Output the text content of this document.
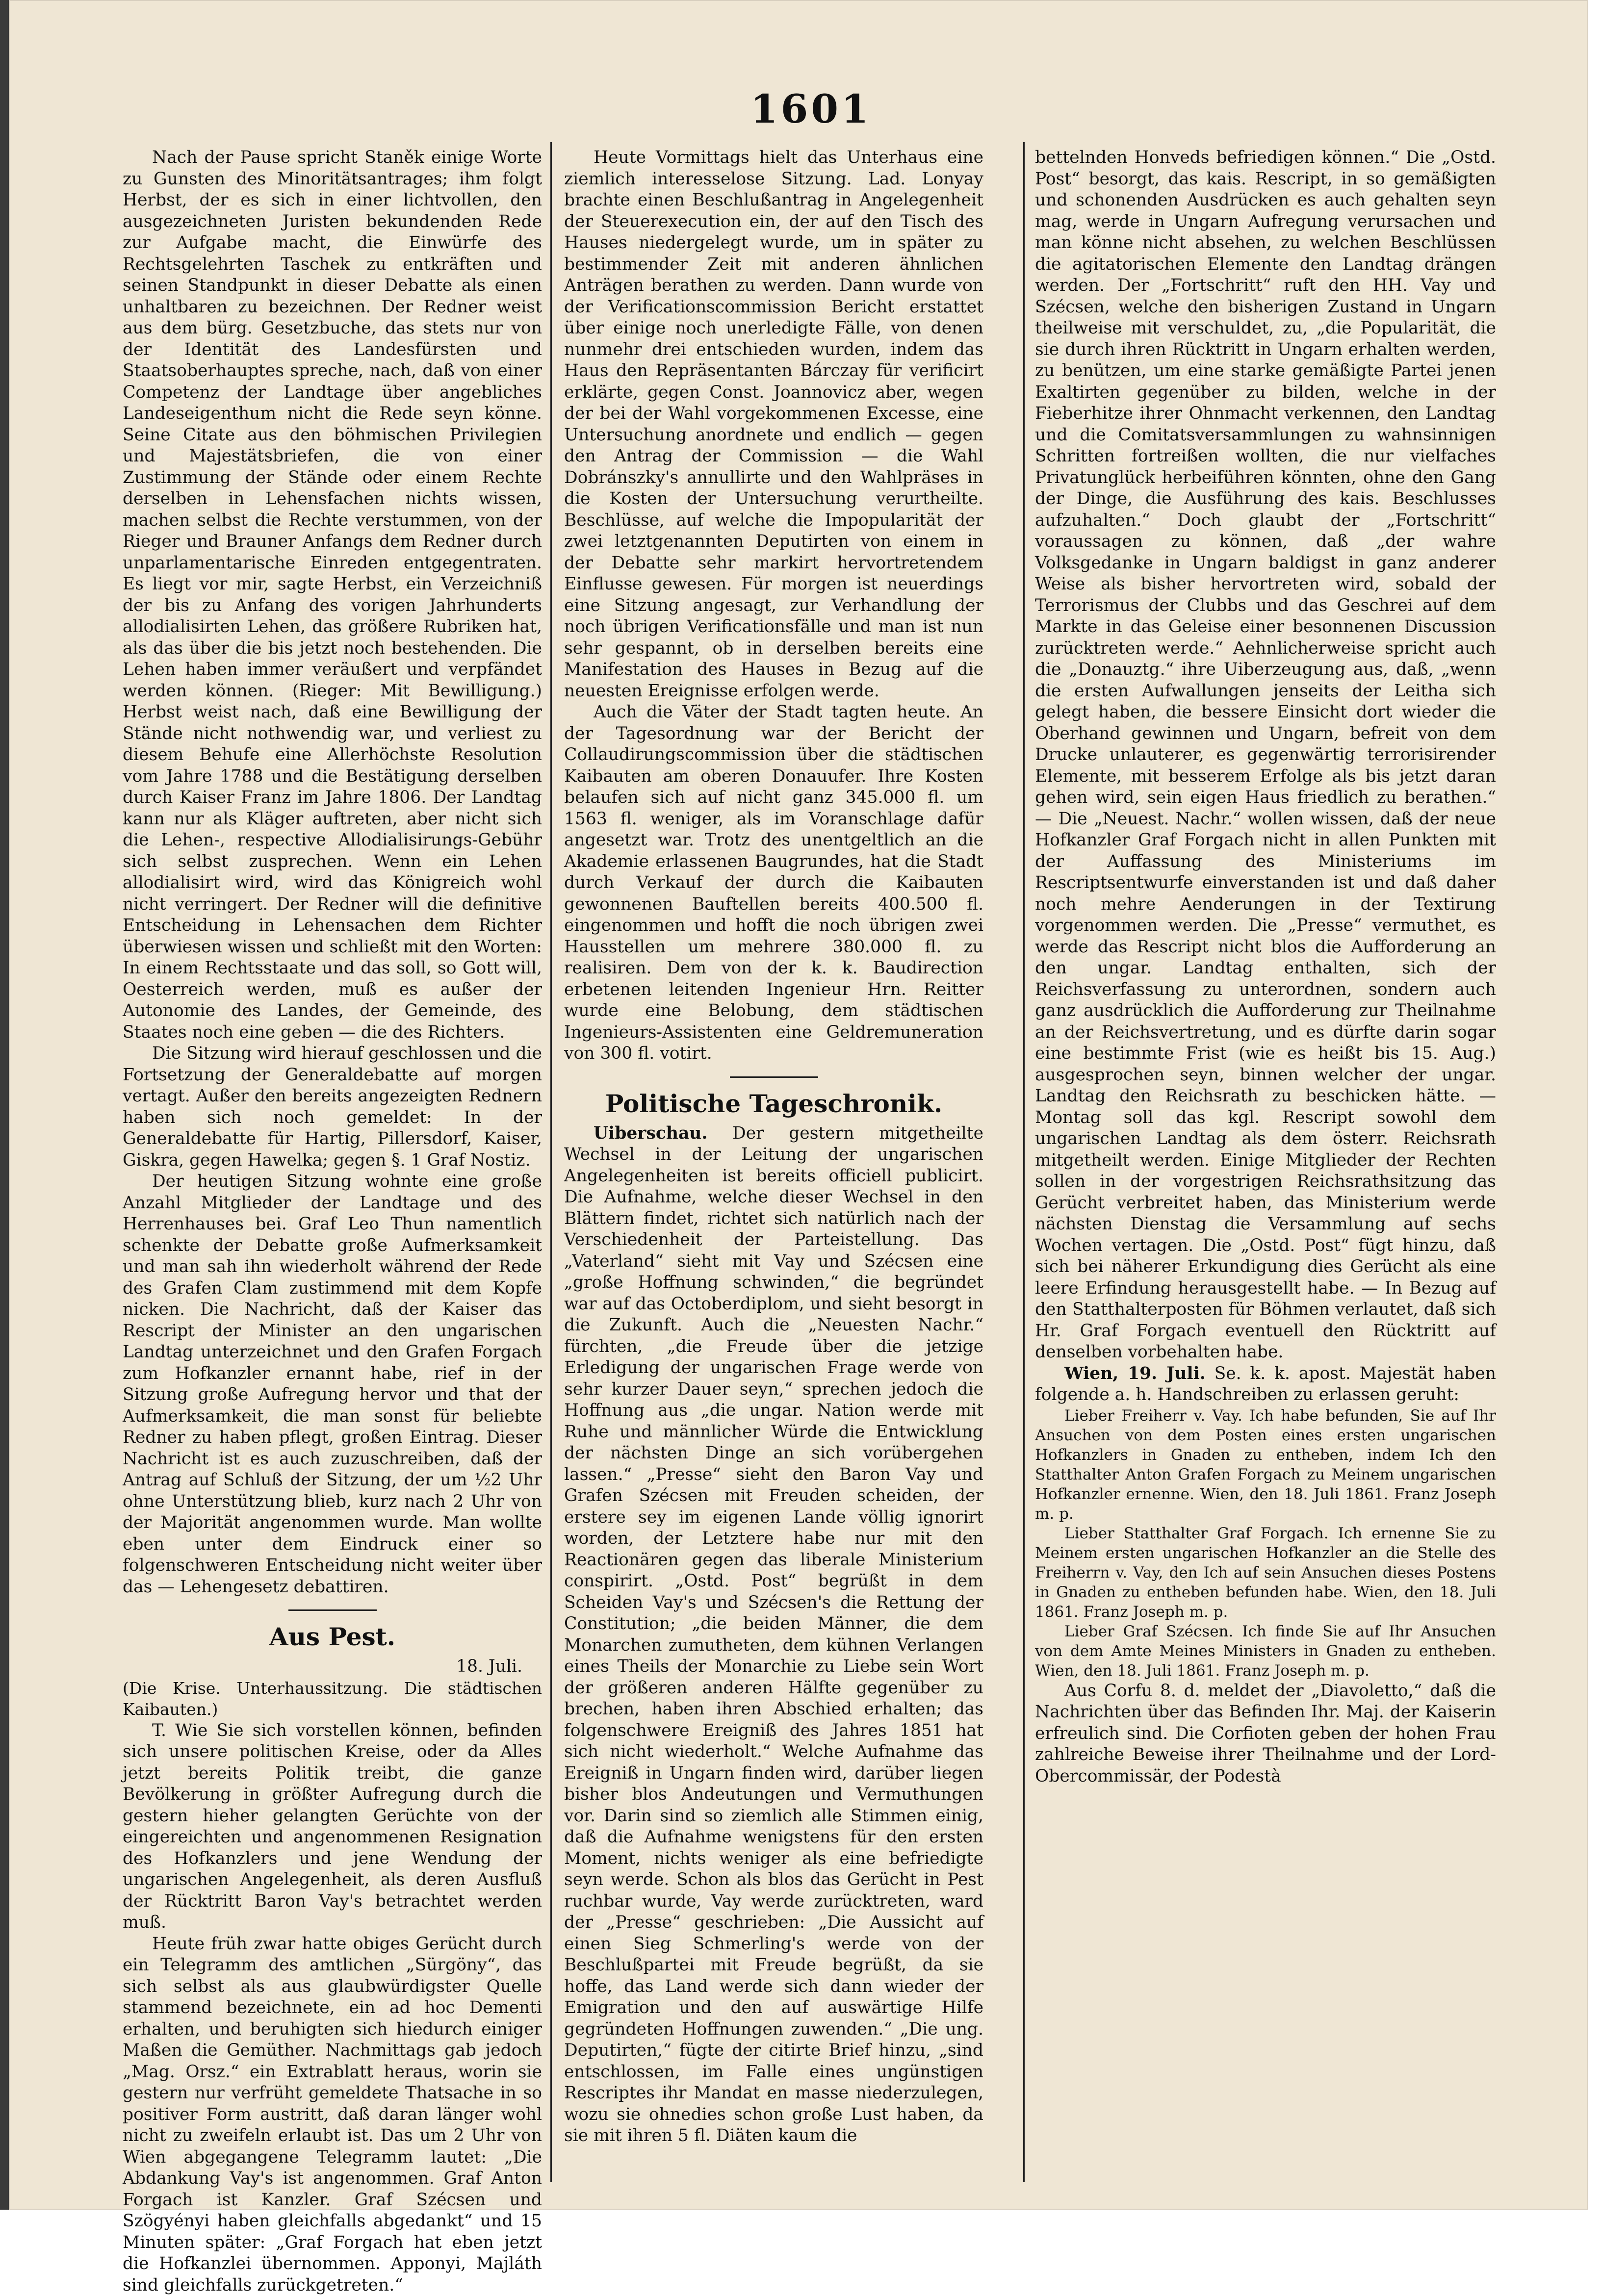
1601

Nach der Pause spricht Staněk einige Worte zu Gunsten des Minoritätsantrages; ihm folgt Herbst, der es sich in einer lichtvollen, den ausgezeichneten Juristen bekundenden Rede zur Aufgabe macht, die Einwürfe des Rechtsgelehrten Taschek zu entkräften und seinen Standpunkt in dieser Debatte als einen unhaltbaren zu bezeichnen. Der Redner weist aus dem bürg. Gesetzbuche, das stets nur von der Identität des Landesfürsten und Staatsoberhauptes spreche, nach, daß von einer Competenz der Landtage über angebliches Landeseigenthum nicht die Rede seyn könne. Seine Citate aus den böhmischen Privilegien und Majestätsbriefen, die von einer Zustimmung der Stände oder einem Rechte derselben in Lehensfachen nichts wissen, machen selbst die Rechte verstummen, von der Rieger und Brauner Anfangs dem Redner durch unparlamentarische Einreden entgegentraten. Es liegt vor mir, sagte Herbst, ein Verzeichniß der bis zu Anfang des vorigen Jahrhunderts allodialisirten Lehen, das größere Rubriken hat, als das über die bis jetzt noch bestehenden. Die Lehen haben immer veräußert und verpfändet werden können. (Rieger: Mit Bewilligung.) Herbst weist nach, daß eine Bewilligung der Stände nicht nothwendig war, und verliest zu diesem Behufe eine Allerhöchste Resolution vom Jahre 1788 und die Bestätigung derselben durch Kaiser Franz im Jahre 1806. Der Landtag kann nur als Kläger auftreten, aber nicht sich die Lehen-, respective Allodialisirungs-Gebühr sich selbst zusprechen. Wenn ein Lehen allodialisirt wird, wird das Königreich wohl nicht verringert. Der Redner will die definitive Entscheidung in Lehensachen dem Richter überwiesen wissen und schließt mit den Worten: In einem Rechtsstaate und das soll, so Gott will, Oesterreich werden, muß es außer der Autonomie des Landes, der Gemeinde, des Staates noch eine geben — die des Richters.

Die Sitzung wird hierauf geschlossen und die Fortsetzung der Generaldebatte auf morgen vertagt. Außer den bereits angezeigten Rednern haben sich noch gemeldet: In der Generaldebatte für Hartig, Pillersdorf, Kaiser, Giskra, gegen Hawelka; gegen §. 1 Graf Nostiz.

Der heutigen Sitzung wohnte eine große Anzahl Mitglieder der Landtage und des Herrenhauses bei. Graf Leo Thun namentlich schenkte der Debatte große Aufmerksamkeit und man sah ihn wiederholt während der Rede des Grafen Clam zustimmend mit dem Kopfe nicken. Die Nachricht, daß der Kaiser das Rescript der Minister an den ungarischen Landtag unterzeichnet und den Grafen Forgach zum Hofkanzler ernannt habe, rief in der Sitzung große Aufregung hervor und that der Aufmerksamkeit, die man sonst für beliebte Redner zu haben pflegt, großen Eintrag. Dieser Nachricht ist es auch zuzuschreiben, daß der Antrag auf Schluß der Sitzung, der um ½2 Uhr ohne Unterstützung blieb, kurz nach 2 Uhr von der Majorität angenommen wurde. Man wollte eben unter dem Eindruck einer so folgenschweren Entscheidung nicht weiter über das — Lehengesetz debattiren.

Aus Pest.
18. Juli.

(Die Krise. Unterhaussitzung. Die städtischen Kaibauten.)

T. Wie Sie sich vorstellen können, befinden sich unsere politischen Kreise, oder da Alles jetzt bereits Politik treibt, die ganze Bevölkerung in größter Aufregung durch die gestern hieher gelangten Gerüchte von der eingereichten und angenommenen Resignation des Hofkanzlers und jene Wendung der ungarischen Angelegenheit, als deren Ausfluß der Rücktritt Baron Vay's betrachtet werden muß.

Heute früh zwar hatte obiges Gerücht durch ein Telegramm des amtlichen „Sürgöny“, das sich selbst als aus glaubwürdigster Quelle stammend bezeichnete, ein ad hoc Dementi erhalten, und beruhigten sich hiedurch einiger Maßen die Gemüther. Nachmittags gab jedoch „Mag. Orsz.“ ein Extrablatt heraus, worin sie gestern nur verfrüht gemeldete Thatsache in so positiver Form austritt, daß daran länger wohl nicht zu zweifeln erlaubt ist. Das um 2 Uhr von Wien abgegangene Telegramm lautet: „Die Abdankung Vay's ist angenommen. Graf Anton Forgach ist Kanzler. Graf Szécsen und Szögyényi haben gleichfalls abgedankt“ und 15 Minuten später: „Graf Forgach hat eben jetzt die Hofkanzlei übernommen. Apponyi, Majláth sind gleichfalls zurückgetreten.“

Heute Vormittags hielt das Unterhaus eine ziemlich interesselose Sitzung. Lad. Lonyay brachte einen Beschlußantrag in Angelegenheit der Steuerexecution ein, der auf den Tisch des Hauses niedergelegt wurde, um in später zu bestimmender Zeit mit anderen ähnlichen Anträgen berathen zu werden. Dann wurde von der Verificationscommission Bericht erstattet über einige noch unerledigte Fälle, von denen nunmehr drei entschieden wurden, indem das Haus den Repräsentanten Bárczay für verificirt erklärte, gegen Const. Joannovicz aber, wegen der bei der Wahl vorgekommenen Excesse, eine Untersuchung anordnete und endlich — gegen den Antrag der Commission — die Wahl Dobránszky's annullirte und den Wahlpräses in die Kosten der Untersuchung verurtheilte. Beschlüsse, auf welche die Impopularität der zwei letztgenannten Deputirten von einem in der Debatte sehr markirt hervortretendem Einflusse gewesen. Für morgen ist neuerdings eine Sitzung angesagt, zur Verhandlung der noch übrigen Verificationsfälle und man ist nun sehr gespannt, ob in derselben bereits eine Manifestation des Hauses in Bezug auf die neuesten Ereignisse erfolgen werde.

Auch die Väter der Stadt tagten heute. An der Tagesordnung war der Bericht der Collaudirungscommission über die städtischen Kaibauten am oberen Donauufer. Ihre Kosten belaufen sich auf nicht ganz 345.000 fl. um 1563 fl. weniger, als im Voranschlage dafür angesetzt war. Trotz des unentgeltlich an die Akademie erlassenen Baugrundes, hat die Stadt durch Verkauf der durch die Kaibauten gewonnenen Bauftellen bereits 400.500 fl. eingenommen und hofft die noch übrigen zwei Hausstellen um mehrere 380.000 fl. zu realisiren. Dem von der k. k. Baudirection erbetenen leitenden Ingenieur Hrn. Reitter wurde eine Belobung, dem städtischen Ingenieurs-Assistenten eine Geldremuneration von 300 fl. votirt.

Politische Tageschronik.

Uiberschau. Der gestern mitgetheilte Wechsel in der Leitung der ungarischen Angelegenheiten ist bereits officiell publicirt. Die Aufnahme, welche dieser Wechsel in den Blättern findet, richtet sich natürlich nach der Verschiedenheit der Parteistellung. Das „Vaterland“ sieht mit Vay und Szécsen eine „große Hoffnung schwinden,“ die begründet war auf das Octoberdiplom, und sieht besorgt in die Zukunft. Auch die „Neuesten Nachr.“ fürchten, „die Freude über die jetzige Erledigung der ungarischen Frage werde von sehr kurzer Dauer seyn,“ sprechen jedoch die Hoffnung aus „die ungar. Nation werde mit Ruhe und männlicher Würde die Entwicklung der nächsten Dinge an sich vorübergehen lassen.“ „Presse“ sieht den Baron Vay und Grafen Szécsen mit Freuden scheiden, der erstere sey im eigenen Lande völlig ignorirt worden, der Letztere habe nur mit den Reactionären gegen das liberale Ministerium conspirirt. „Ostd. Post“ begrüßt in dem Scheiden Vay's und Szécsen's die Rettung der Constitution; „die beiden Männer, die dem Monarchen zumutheten, dem kühnen Verlangen eines Theils der Monarchie zu Liebe sein Wort der größeren anderen Hälfte gegenüber zu brechen, haben ihren Abschied erhalten; das folgenschwere Ereigniß des Jahres 1851 hat sich nicht wiederholt.“ Welche Aufnahme das Ereigniß in Ungarn finden wird, darüber liegen bisher blos Andeutungen und Vermuthungen vor. Darin sind so ziemlich alle Stimmen einig, daß die Aufnahme wenigstens für den ersten Moment, nichts weniger als eine befriedigte seyn werde. Schon als blos das Gerücht in Pest ruchbar wurde, Vay werde zurücktreten, ward der „Presse“ geschrieben: „Die Aussicht auf einen Sieg Schmerling's werde von der Beschlußpartei mit Freude begrüßt, da sie hoffe, das Land werde sich dann wieder der Emigration und den auf auswärtige Hilfe gegründeten Hoffnungen zuwenden.“ „Die ung. Deputirten,“ fügte der citirte Brief hinzu, „sind entschlossen, im Falle eines ungünstigen Rescriptes ihr Mandat en masse niederzulegen, wozu sie ohnedies schon große Lust haben, da sie mit ihren 5 fl. Diäten kaum die

bettelnden Honveds befriedigen können.“ Die „Ostd. Post“ besorgt, das kais. Rescript, in so gemäßigten und schonenden Ausdrücken es auch gehalten seyn mag, werde in Ungarn Aufregung verursachen und man könne nicht absehen, zu welchen Beschlüssen die agitatorischen Elemente den Landtag drängen werden. Der „Fortschritt“ ruft den HH. Vay und Szécsen, welche den bisherigen Zustand in Ungarn theilweise mit verschuldet, zu, „die Popularität, die sie durch ihren Rücktritt in Ungarn erhalten werden, zu benützen, um eine starke gemäßigte Partei jenen Exaltirten gegenüber zu bilden, welche in der Fieberhitze ihrer Ohnmacht verkennen, den Landtag und die Comitatsversammlungen zu wahnsinnigen Schritten fortreißen wollten, die nur vielfaches Privatunglück herbeiführen könnten, ohne den Gang der Dinge, die Ausführung des kais. Beschlusses aufzuhalten.“ Doch glaubt der „Fortschritt“ voraussagen zu können, daß „der wahre Volksgedanke in Ungarn baldigst in ganz anderer Weise als bisher hervortreten wird, sobald der Terrorismus der Clubbs und das Geschrei auf dem Markte in das Geleise einer besonnenen Discussion zurücktreten werde.“ Aehnlicherweise spricht auch die „Donauztg.“ ihre Uiberzeugung aus, daß, „wenn die ersten Aufwallungen jenseits der Leitha sich gelegt haben, die bessere Einsicht dort wieder die Oberhand gewinnen und Ungarn, befreit von dem Drucke unlauterer, es gegenwärtig terrorisirender Elemente, mit besserem Erfolge als bis jetzt daran gehen wird, sein eigen Haus friedlich zu berathen.“ — Die „Neuest. Nachr.“ wollen wissen, daß der neue Hofkanzler Graf Forgach nicht in allen Punkten mit der Auffassung des Ministeriums im Rescriptsentwurfe einverstanden ist und daß daher noch mehre Aenderungen in der Textirung vorgenommen werden. Die „Presse“ vermuthet, es werde das Rescript nicht blos die Aufforderung an den ungar. Landtag enthalten, sich der Reichsverfassung zu unterordnen, sondern auch ganz ausdrücklich die Aufforderung zur Theilnahme an der Reichsvertretung, und es dürfte darin sogar eine bestimmte Frist (wie es heißt bis 15. Aug.) ausgesprochen seyn, binnen welcher der ungar. Landtag den Reichsrath zu beschicken hätte. — Montag soll das kgl. Rescript sowohl dem ungarischen Landtag als dem österr. Reichsrath mitgetheilt werden. Einige Mitglieder der Rechten sollen in der vorgestrigen Reichsrathsitzung das Gerücht verbreitet haben, das Ministerium werde nächsten Dienstag die Versammlung auf sechs Wochen vertagen. Die „Ostd. Post“ fügt hinzu, daß sich bei näherer Erkundigung dies Gerücht als eine leere Erfindung herausgestellt habe. — In Bezug auf den Statthalterposten für Böhmen verlautet, daß sich Hr. Graf Forgach eventuell den Rücktritt auf denselben vorbehalten habe.

Wien, 19. Juli. Se. k. k. apost. Majestät haben folgende a. h. Handschreiben zu erlassen geruht:

Lieber Freiherr v. Vay. Ich habe befunden, Sie auf Ihr Ansuchen von dem Posten eines ersten ungarischen Hofkanzlers in Gnaden zu entheben, indem Ich den Statthalter Anton Grafen Forgach zu Meinem ungarischen Hofkanzler ernenne. Wien, den 18. Juli 1861. Franz Joseph m. p.

Lieber Statthalter Graf Forgach. Ich ernenne Sie zu Meinem ersten ungarischen Hofkanzler an die Stelle des Freiherrn v. Vay, den Ich auf sein Ansuchen dieses Postens in Gnaden zu entheben befunden habe. Wien, den 18. Juli 1861. Franz Joseph m. p.

Lieber Graf Szécsen. Ich finde Sie auf Ihr Ansuchen von dem Amte Meines Ministers in Gnaden zu entheben. Wien, den 18. Juli 1861. Franz Joseph m. p.

Aus Corfu 8. d. meldet der „Diavoletto,“ daß die Nachrichten über das Befinden Ihr. Maj. der Kaiserin erfreulich sind. Die Corfioten geben der hohen Frau zahlreiche Beweise ihrer Theilnahme und der Lord-Obercommissär, der Podestà
